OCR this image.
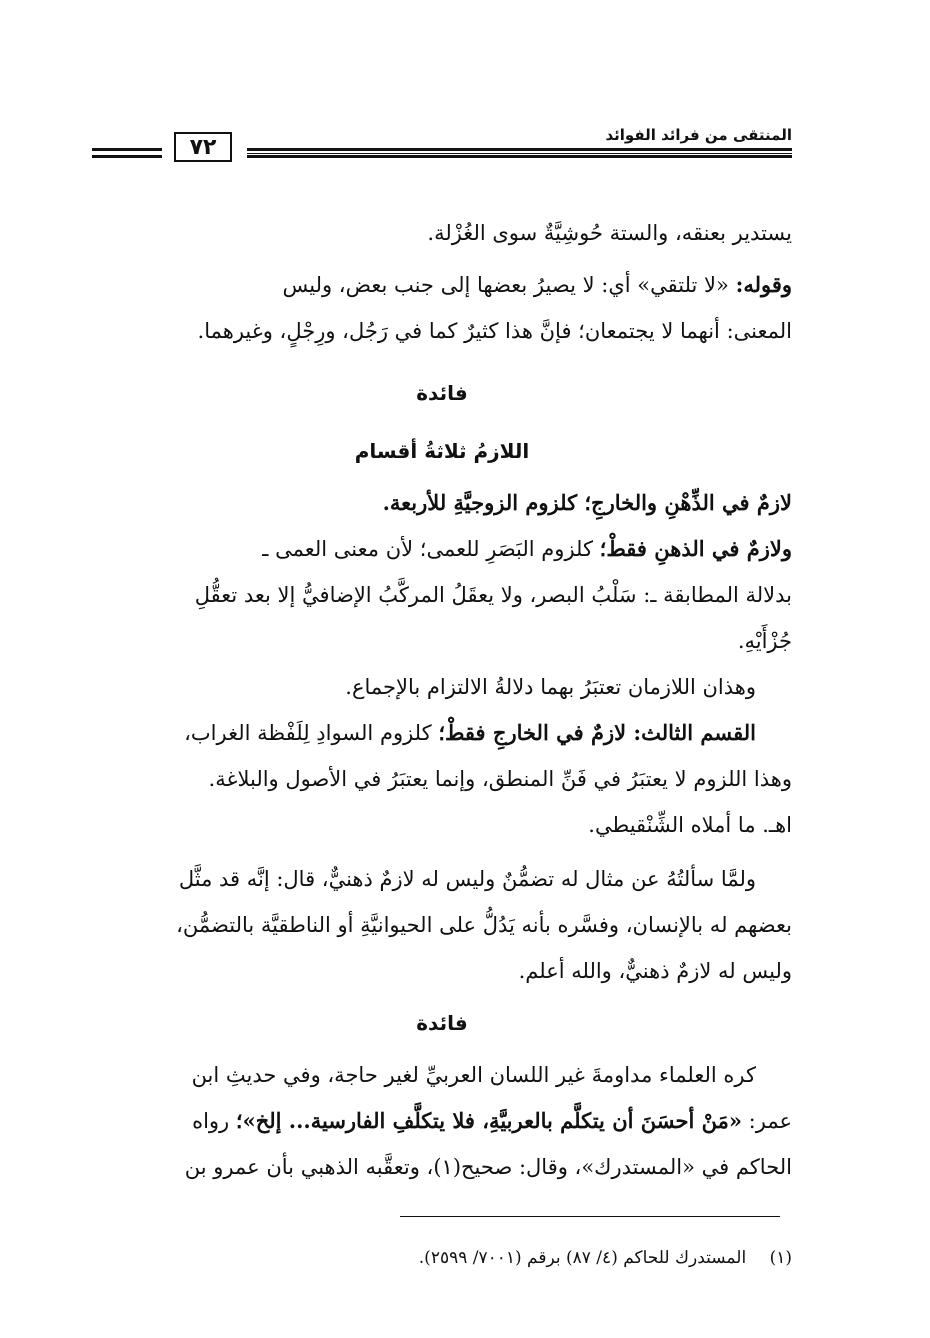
المنتقى من فرائد الفوائد
٧٢

يستدير بعنقه، والستة حُوشِيَّةٌ سوى الغُزْلة.

وقوله: «لا تلتقي» أي: لا يصيرُ بعضها إلى جنب بعض، وليس

المعنى: أنهما لا يجتمعان؛ فإنَّ هذا كثيرٌ كما في رَجُل، ورِجْلٍ، وغيرهما.

فائدة
اللازمُ ثلاثةُ أقسام

لازمٌ في الذِّهْنِ والخارجِ؛ كلزوم الزوجيَّةِ للأربعة.

ولازمٌ في الذهنِ فقطْ؛ كلزوم البَصَرِ للعمى؛ لأن معنى العمى ـ

بدلالة المطابقة ـ: سَلْبُ البصر، ولا يعقَلُ المركَّبُ الإضافيُّ إلا بعد تعقُّلِ

جُزْأَيْهِ.

وهذان اللازمان تعتبَرُ بهما دلالةُ الالتزام بالإجماع.

القسم الثالث: لازمٌ في الخارجِ فقطْ؛ كلزوم السوادِ لِلَفْظة الغراب،

وهذا اللزوم لا يعتبَرُ في فَنِّ المنطق، وإنما يعتبَرُ في الأصول والبلاغة.

اهـ. ما أملاه الشِّنْقيطي.

ولمَّا سألتُهُ عن مثال له تضمُّنٌ وليس له لازمٌ ذهنيٌّ، قال: إنَّه قد مثَّل

بعضهم له بالإنسان، وفسَّره بأنه يَدُلُّ على الحيوانيَّةِ أو الناطقيَّة بالتضمُّن،

وليس له لازمٌ ذهنيٌّ، والله أعلم.

فائدة

كره العلماء مداومةَ غير اللسان العربيِّ لغير حاجة، وفي حديثِ ابن

عمر: «مَنْ أحسَنَ أن يتكلَّم بالعربيَّةِ، فلا يتكلَّفِ الفارسية... إلخ»؛ رواه

الحاكم في «المستدرك»، وقال: صحيح(١)، وتعقَّبه الذهبي بأن عمرو بن

(١) المستدرك للحاكم (٤/ ٨٧) برقم (٧٠٠١/ ٢٥٩٩).
